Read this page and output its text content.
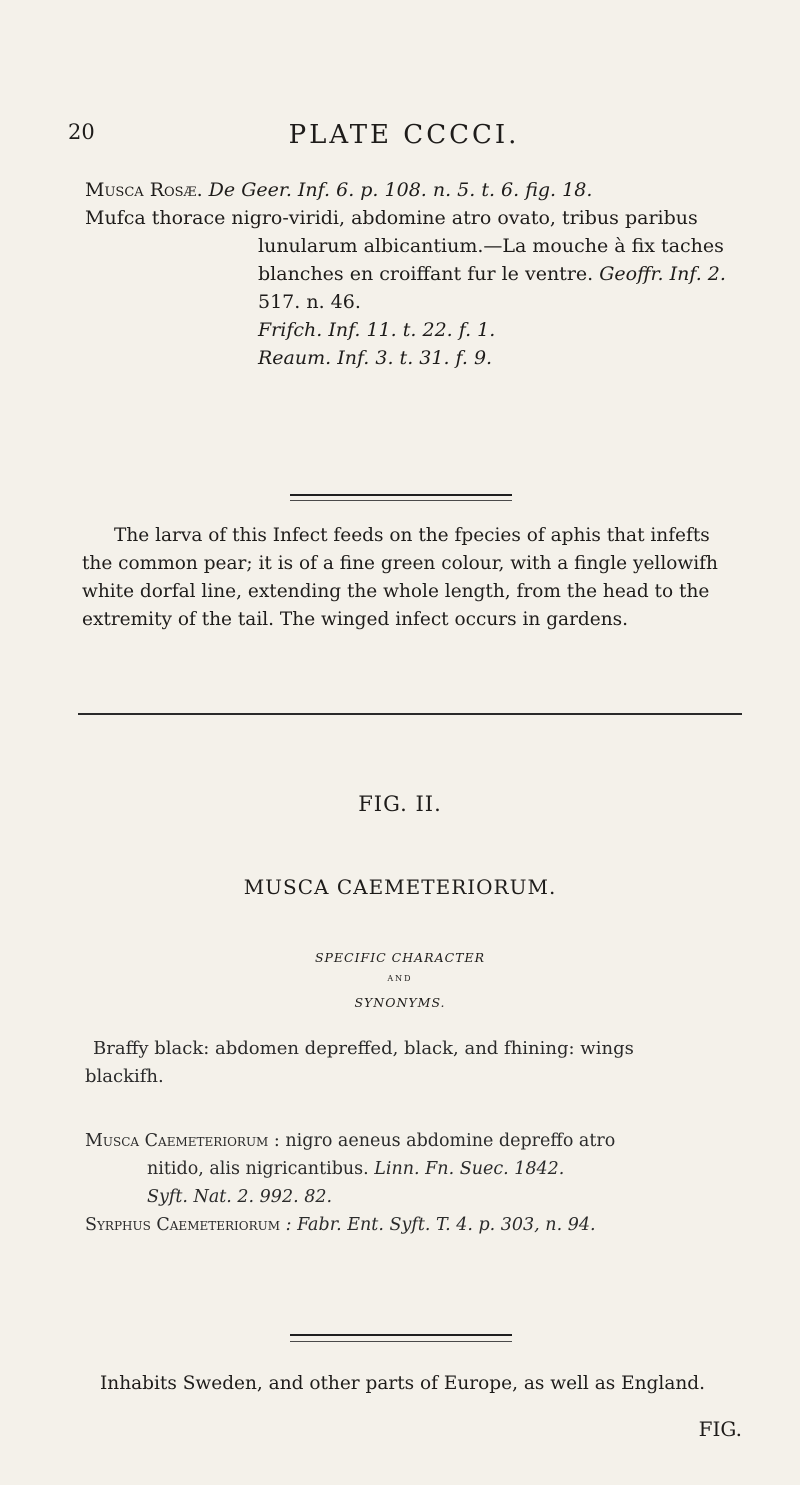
20	PLATE CCCCI.
Musca Rosæ. De Geer. Inf. 6. p. 108. n. 5. t. 6. fig. 18.
Mufca thorace nigro-viridi, abdomine atro ovato, tribus paribus
lunularum albicantium.—La mouche à fix taches
blanches en croiffant fur le ventre. Geoffr. Inf. 2.
517. n. 46.
Frifch. Inf. 11. t. 22. f. 1.
Reaum. Inf. 3. t. 31. f. 9.
The larva of this Infect feeds on the fpecies of aphis that infefts
the common pear; it is of a fine green colour, with a fingle yellowifh
white dorfal line, extending the whole length, from the head to the
extremity of the tail. The winged infect occurs in gardens.
FIG. II.
MUSCA CAEMETERIORUM.
SPECIFIC CHARACTER
AND
SYNONYMS.
Braffy black: abdomen depreffed, black, and fhining: wings
blackifh.
Musca Caemeteriorum : nigro aeneus abdomine depreffo atro
nitido, alis nigricantibus. Linn. Fn. Suec. 1842.
Syft. Nat. 2. 992. 82.
Syrphus Caemeteriorum : Fabr. Ent. Syft. T. 4. p. 303, n. 94.
Inhabits Sweden, and other parts of Europe, as well as England.
FIG.
